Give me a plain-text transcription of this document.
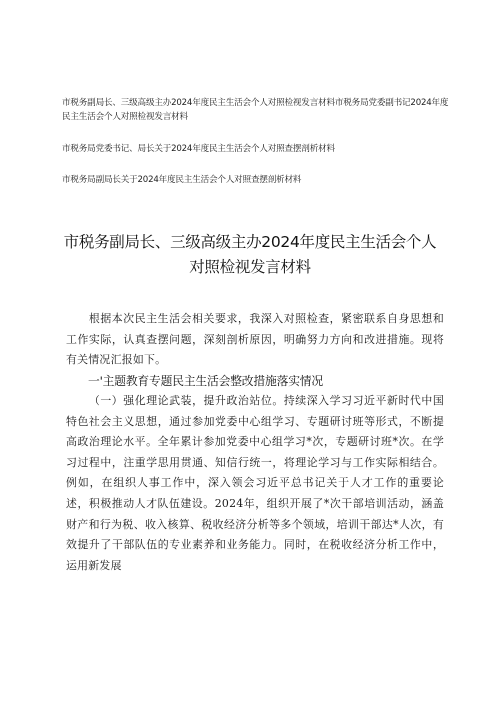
市税务副局长、三级高级主办2024年度民主生活会个人对照检视发言材料市税务局党委副书记2024年度民主生活会个人对照检视发言材料
市税务局党委书记、局长关于2024年度民主生活会个人对照查摆剖析材料
市税务局副局长关于2024年度民主生活会个人对照查摆剖析材料
市税务副局长、三级高级主办2024年度民主生活会个人
对照检视发言材料
根据本次民主生活会相关要求，我深入对照检查，紧密联系自身思想和工作实际，认真查摆问题，深刻剖析原因，明确努力方向和改进措施。现将有关情况汇报如下。
一'主题教育专题民主生活会整改措施落实情况
（一）强化理论武装，提升政治站位。持续深入学习习近平新时代中国特色社会主义思想，通过参加党委中心组学习、专题研讨班等形式，不断提高政治理论水平。全年累计参加党委中心组学习*次，专题研讨班*次。在学习过程中，注重学思用贯通、知信行统一，将理论学习与工作实际相结合。例如，在组织人事工作中，深入领会习近平总书记关于人才工作的重要论述，积极推动人才队伍建设。2024年，组织开展了*次干部培训活动，涵盖财产和行为税、收入核算、税收经济分析等多个领域，培训干部达*人次，有效提升了干部队伍的专业素养和业务能力。同时，在税收经济分析工作中，运用新发展
